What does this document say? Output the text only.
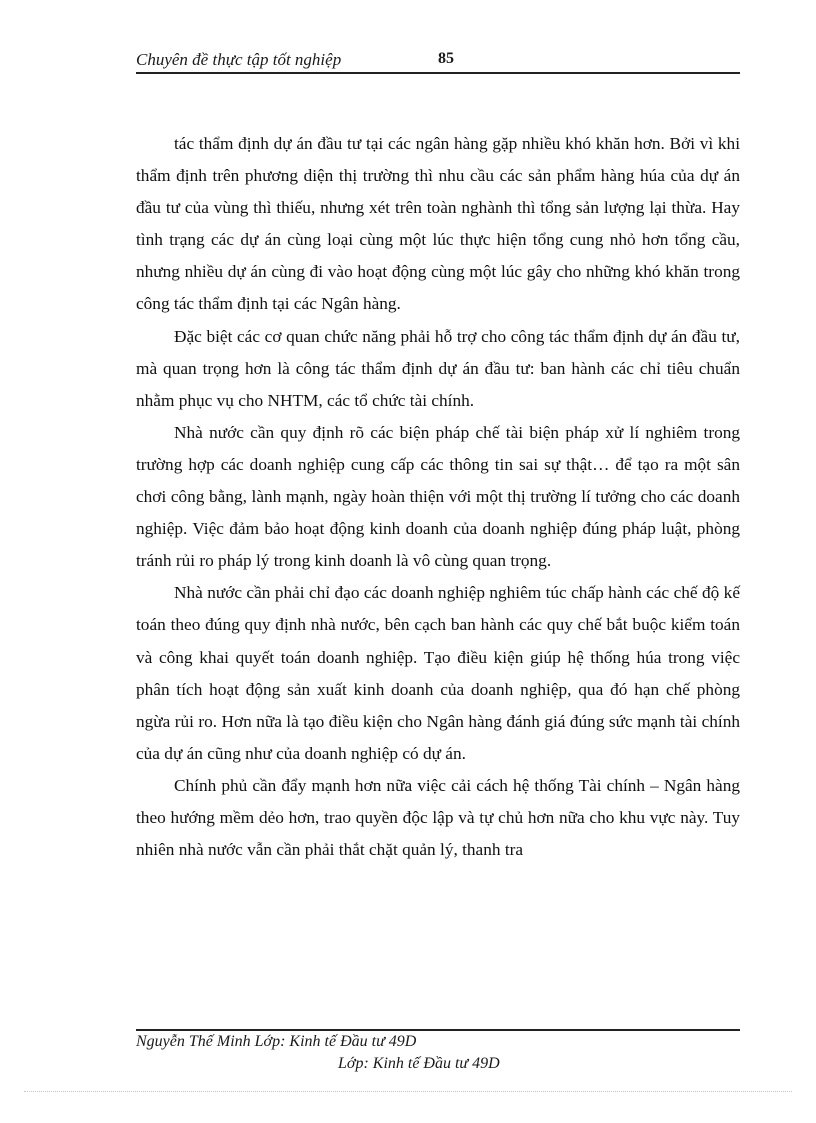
Chuyên đề thực tập tốt nghiệp	85

tác thẩm định dự án đầu tư tại các ngân hàng gặp nhiều khó khăn hơn. Bởi vì khi thẩm định trên phương diện thị trường thì nhu cầu các sản phẩm hàng húa của dự án đầu tư của vùng thì thiếu, nhưng xét trên toàn nghành thì tổng sản lượng lại thừa. Hay tình trạng các dự án cùng loại cùng một lúc thực hiện tổng cung nhỏ hơn tổng cầu, nhưng nhiều dự án cùng đi vào hoạt động cùng một lúc gây cho những khó khăn trong công tác thẩm định tại các Ngân hàng.

Đặc biệt các cơ quan chức năng phải hỗ trợ cho công tác thẩm định dự án đầu tư, mà quan trọng hơn là công tác thẩm định dự án đầu tư: ban hành các chỉ tiêu chuẩn nhằm phục vụ cho NHTM, các tổ chức tài chính.

Nhà nước cần quy định rõ các biện pháp chế tài biện pháp xử lí nghiêm trong trường hợp các doanh nghiệp cung cấp các thông tin sai sự thật… để tạo ra một sân chơi công bằng, lành mạnh, ngày hoàn thiện với một thị trường lí tưởng cho các doanh nghiệp. Việc đảm bảo hoạt động kinh doanh của doanh nghiệp đúng pháp luật, phòng tránh rủi ro pháp lý trong kinh doanh là vô cùng quan trọng.

Nhà nước cần phải chỉ đạo các doanh nghiệp nghiêm túc chấp hành các chế độ kế toán theo đúng quy định nhà nước, bên cạch ban hành các quy chế bắt buộc kiểm toán và công khai quyết toán doanh nghiệp. Tạo điều kiện giúp hệ thống húa trong việc phân tích hoạt động sản xuất kinh doanh của doanh nghiệp, qua đó hạn chế phòng ngừa rủi ro. Hơn nữa là tạo điều kiện cho Ngân hàng đánh giá đúng sức mạnh tài chính của dự án cũng như của doanh nghiệp có dự án.

Chính phủ cần đẩy mạnh hơn nữa việc cải cách hệ thống Tài chính – Ngân hàng theo hướng mềm dẻo hơn, trao quyền độc lập và tự chủ hơn nữa cho khu vực này. Tuy nhiên nhà nước vẫn cần phải thắt chặt quản lý, thanh tra

Nguyễn Thế Minh Lớp: Kinh tế Đầu tư 49D
Lớp: Kinh tế Đầu tư 49D
